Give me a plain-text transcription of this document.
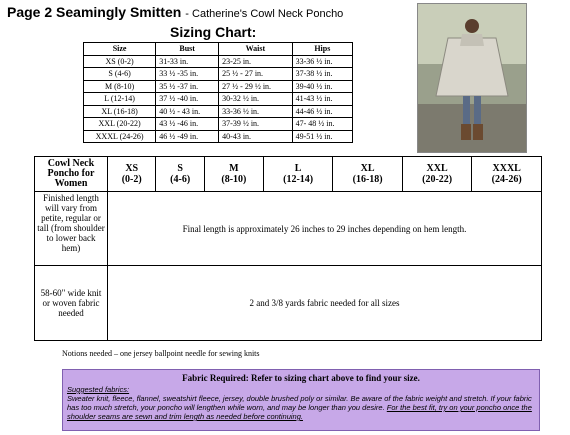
Page 2 Seamingly Smitten - Catherine's Cowl Neck Poncho
Sizing Chart:
Size	Bust	Waist	Hips
XS (0-2)	31-33 in.	23-25 in.	33-36 ½ in.
S (4-6)	33 ½ -35 in.	25 ½ - 27 in.	37-38 ½ in.
M (8-10)	35 ½ -37 in.	27 ½ - 29 ½ in.	39-40 ½ in.
L (12-14)	37 ½ -40 in.	30-32 ½ in.	41-43 ½ in.
XL (16-18)	40 ½ - 43 in.	33-36 ½ in.	44-46 ½ in.
XXL (20-22)	43 ½ -46 in.	37-39 ½ in.	47- 48 ½ in.
XXXL (24-26)	46 ½ -49 in.	40-43 in.	49-51 ½ in.
Cowl Neck Poncho for Women	XS
(0-2)	S
(4-6)	M
(8-10)	L
(12-14)	XL
(16-18)	XXL
(20-22)	XXXL
(24-26)
Finished length will vary from petite, regular or tall (from shoulder to lower back hem)	Final length is approximately 26 inches to 29 inches depending on hem length.						
58-60" wide knit or woven fabric needed	2 and 3/8 yards fabric needed for all sizes						
Notions needed – one jersey ballpoint needle for sewing knits
Fabric Required: Refer to sizing chart above to find your size.
Suggested fabrics:
Sweater knit, fleece, flannel, sweatshirt fleece, jersey, double brushed poly or similar. Be aware of the fabric weight and stretch. If your fabric has too much stretch, your poncho will lengthen while worn, and may be longer than you desire. For the best fit, try on your poncho once the shoulder seams are sewn and trim length as needed before continuing.
